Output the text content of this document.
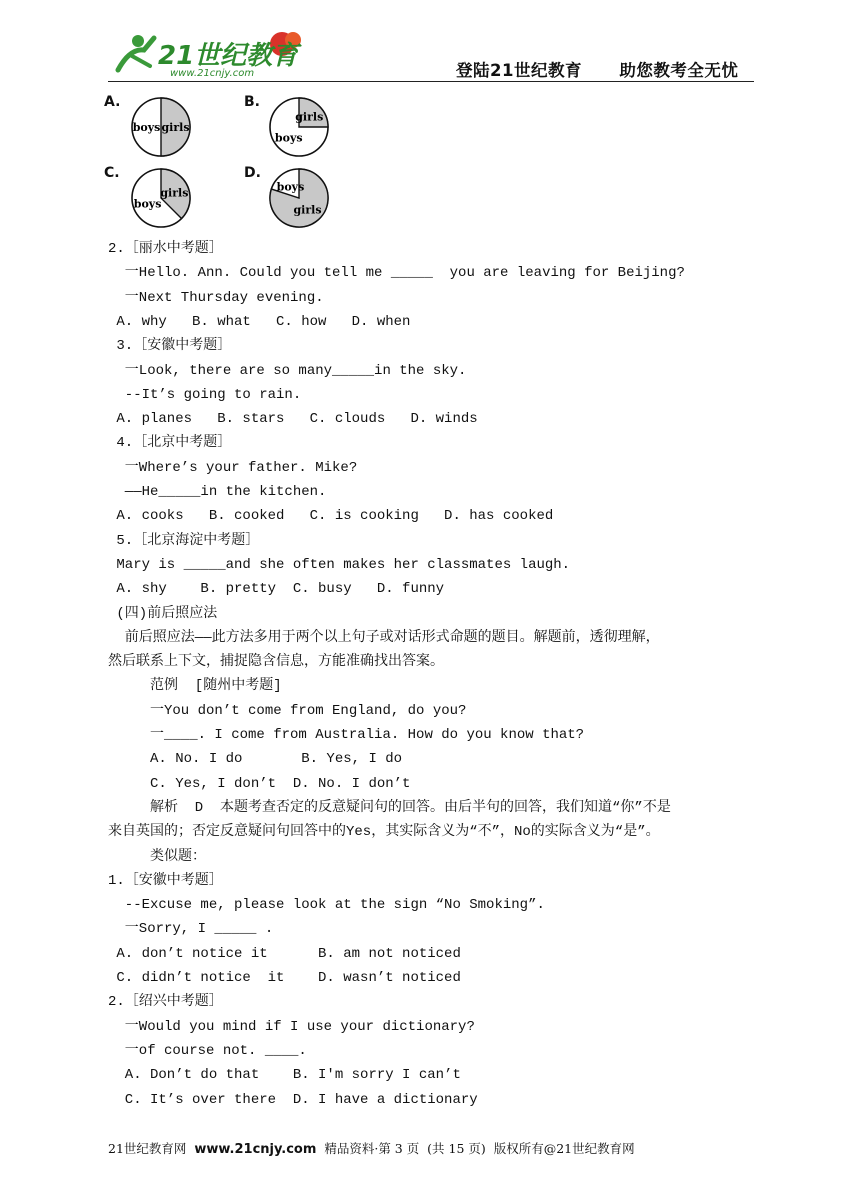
21世纪教育
www.21cnjy.com	登陆21世纪教育      助您教考全无忧
A.
boys girls
B.
girls
boys
C.
girls
boys
D.
boys
girls
2.［丽水中考题］
一Hello. Ann. Could you tell me _____  you are leaving for Beijing?
一Next Thursday evening.
A. why   B. what   C. how   D. when
3.［安徽中考题］
一Look, there are so many_____in the sky.
--It’s going to rain.
A. planes   B. stars   C. clouds   D. winds
4.［北京中考题］
一Where’s your father. Mike?
——He_____in the kitchen.
A. cooks   B. cooked   C. is cooking   D. has cooked
5.［北京海淀中考题］
Mary is _____and she often makes her classmates laugh.
A. shy    B. pretty  C. busy   D. funny
(四)前后照应法
前后照应法——此方法多用于两个以上句子或对话形式命题的题目。解题前，透彻理解，
然后联系上下文，捕捉隐含信息，方能准确找出答案。
范例  [随州中考题]
一You don’t come from England, do you?
一____. I come from Australia. How do you know that?
A. No. I do       B. Yes, I do
C. Yes, I don’t  D. No. I don’t
解析  D  本题考查否定的反意疑问句的回答。由后半句的回答，我们知道“你”不是
来自英国的；否定反意疑问句回答中的Yes，其实际含义为“不”，No的实际含义为“是”。
类似题：
1.［安徽中考题］
--Excuse me, please look at the sign “No Smoking”.
一Sorry, I _____ .
A. don’t notice it      B. am not noticed
C. didn’t notice  it    D. wasn’t noticed
2.［绍兴中考题］
一Would you mind if I use your dictionary?
一of course not. ____.
A. Don’t do that    B. I'm sorry I can’t
C. It’s over there  D. I have a dictionary
21世纪教育网 www.21cnjy.com 精品资料·第 3 页  (共 15 页)  版权所有@21世纪教育网
